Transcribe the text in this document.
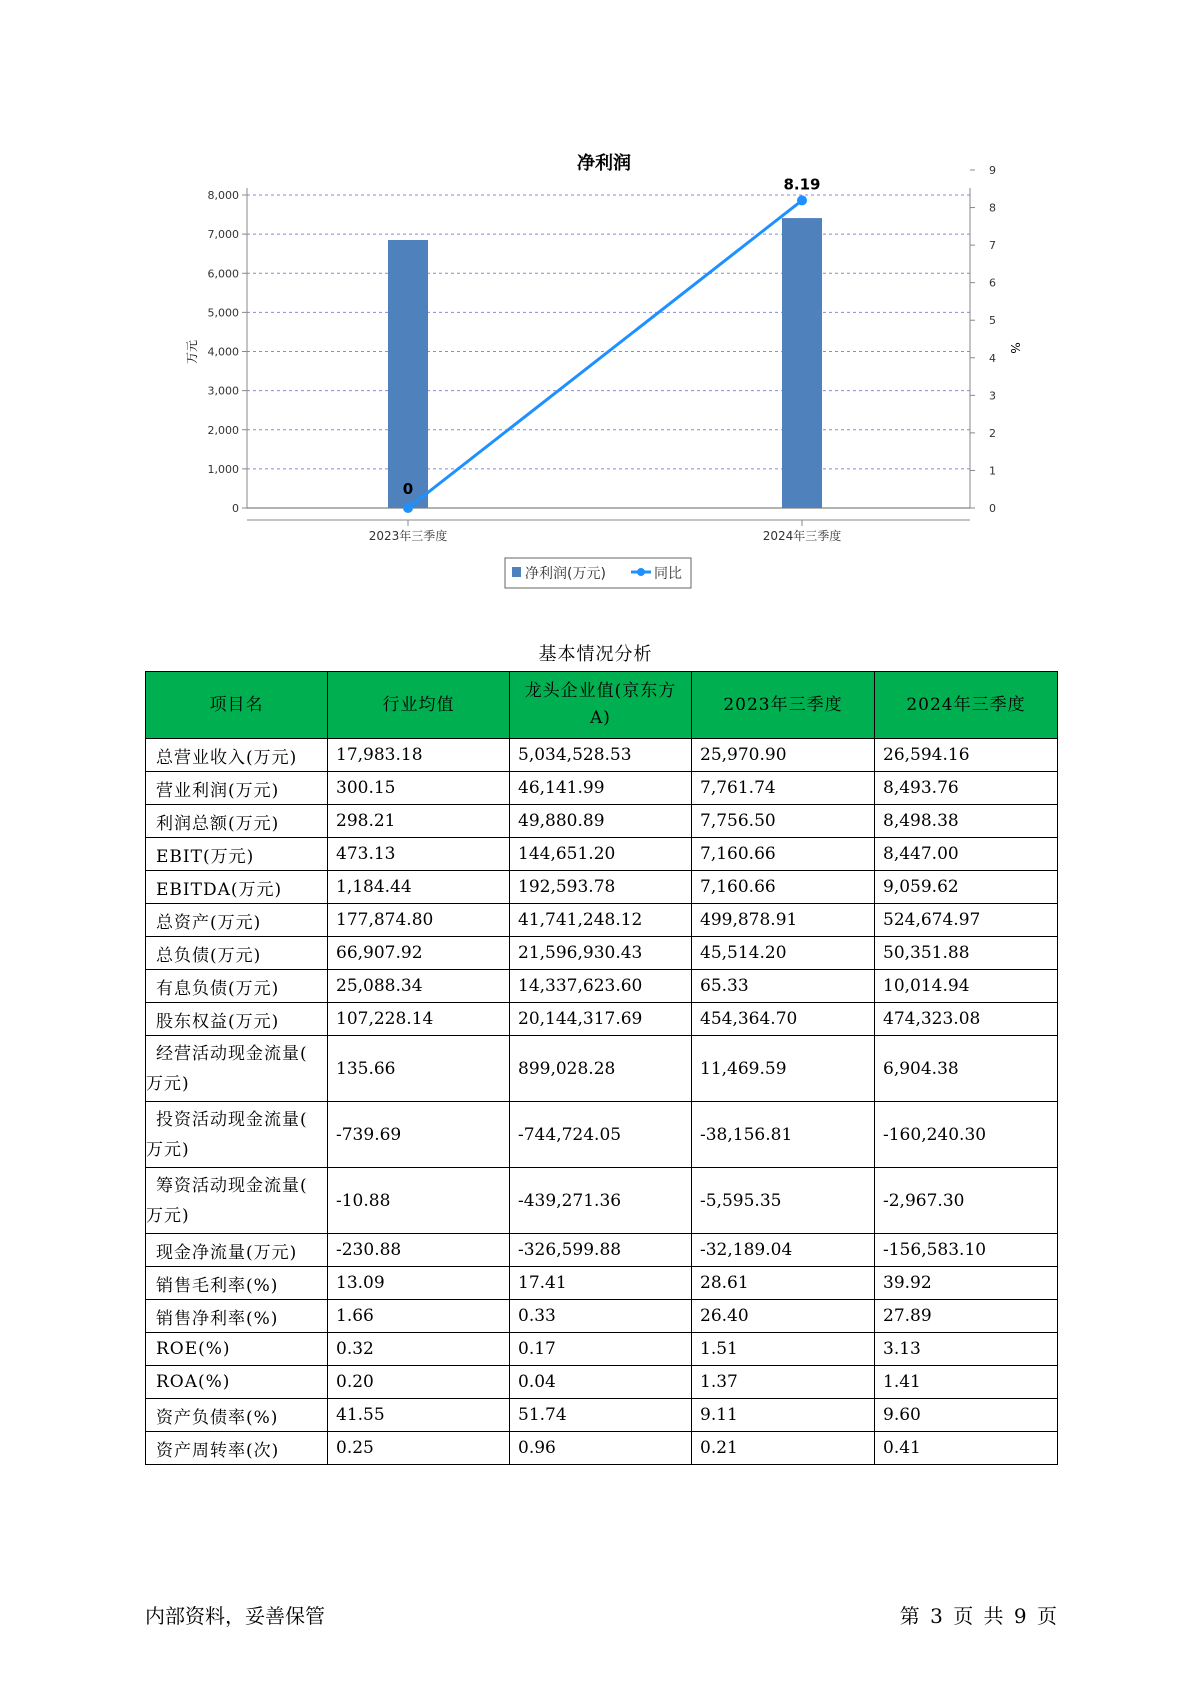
净利润
0
1,000
2,000
3,000
4,000
5,000
6,000
7,000
8,000
0
1
2
3
4
5
6
7
8
9
万元	%
2023年三季度	2024年三季度
0
8.19
净利润(万元)	同比
基本情况分析
项目名	行业均值	龙头企业值(京东方
A)	2023年三季度	2024年三季度
总营业收入(万元)	17,983.18	5,034,528.53	25,970.90	26,594.16
营业利润(万元)	300.15	46,141.99	7,761.74	8,493.76
利润总额(万元)	298.21	49,880.89	7,756.50	8,498.38
EBIT(万元)	473.13	144,651.20	7,160.66	8,447.00
EBITDA(万元)	1,184.44	192,593.78	7,160.66	9,059.62
总资产(万元)	177,874.80	41,741,248.12	499,878.91	524,674.97
总负债(万元)	66,907.92	21,596,930.43	45,514.20	50,351.88
有息负债(万元)	25,088.34	14,337,623.60	65.33	10,014.94
股东权益(万元)	107,228.14	20,144,317.69	454,364.70	474,323.08
经营活动现金流量(
万元)	135.66	899,028.28	11,469.59	6,904.38
投资活动现金流量(
万元)	-739.69	-744,724.05	-38,156.81	-160,240.30
筹资活动现金流量(
万元)	-10.88	-439,271.36	-5,595.35	-2,967.30
现金净流量(万元)	-230.88	-326,599.88	-32,189.04	-156,583.10
销售毛利率(%)	13.09	17.41	28.61	39.92
销售净利率(%)	1.66	0.33	26.40	27.89
ROE(%)	0.32	0.17	1.51	3.13
ROA(%)	0.20	0.04	1.37	1.41
资产负债率(%)	41.55	51.74	9.11	9.60
资产周转率(次)	0.25	0.96	0.21	0.41
内部资料，妥善保管	第 3 页 共 9 页
